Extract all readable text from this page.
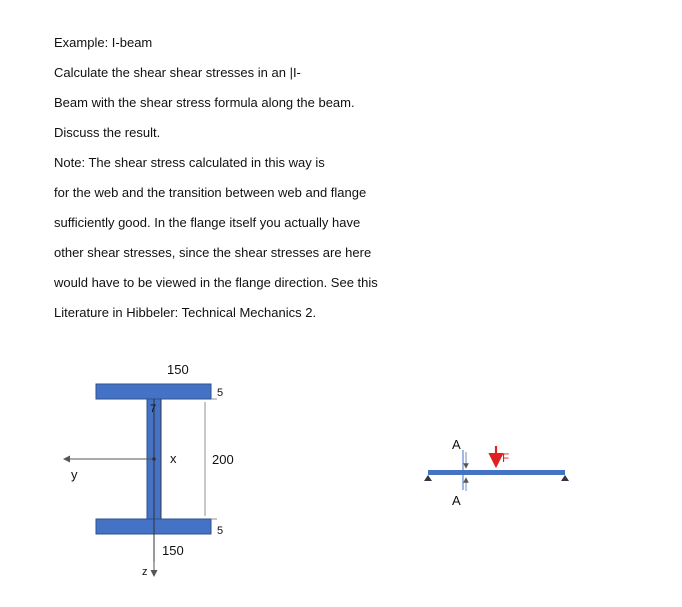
Example: I-beam
Calculate the shear shear stresses in an |I-
Beam with the shear stress formula along the beam.
Discuss the result.
Note: The shear stress calculated in this way is
for the web and the transition between web and flange
sufficiently good. In the flange itself you actually have
other shear stresses, since the shear stresses are here
would have to be viewed in the flange direction. See this
Literature in Hibbeler: Technical Mechanics 2.
150
5
7
x	200
y
5
150
z
A
F
A
